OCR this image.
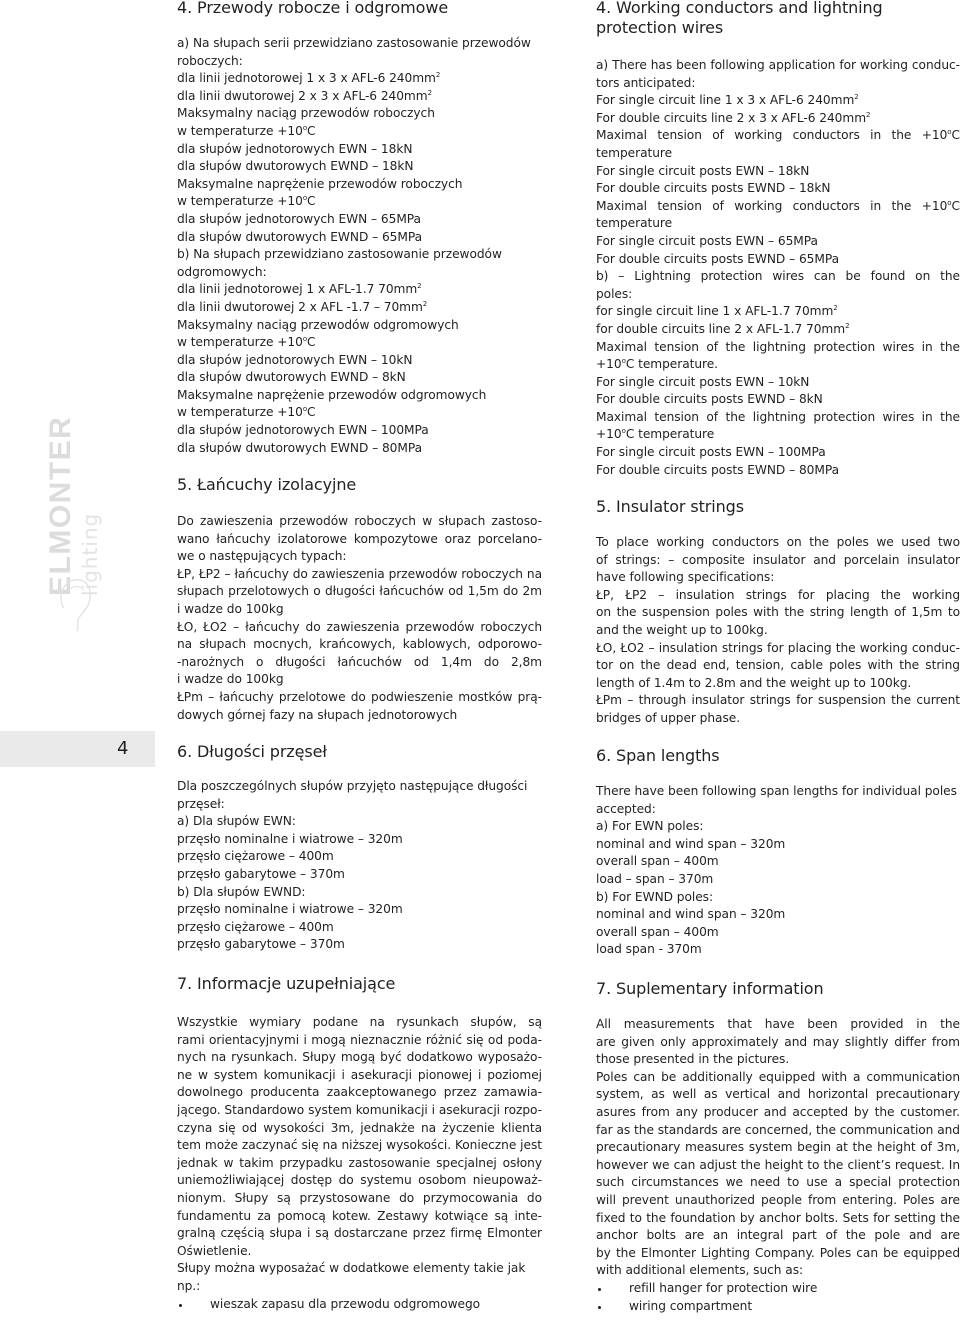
ELMONTER lighting
4
4. Przewody robocze i odgromowe
a) Na słupach serii przewidziano zastosowanie przewodów
roboczych:
dla linii jednotorowej 1 x 3 x AFL-6 $240mm^2$
dla linii dwutorowej 2 x 3 x AFL-6 $240mm^2$
Maksymalny naciąg przewodów roboczych
w temperaturze $+10^oC$
dla słupów jednotorowych EWN – 18kN
dla słupów dwutorowych EWND – 18kN
Maksymalne naprężenie przewodów roboczych
w temperaturze $+10^oC$
dla słupów jednotorowych EWN – 65MPa
dla słupów dwutorowych EWND – 65MPa
b) Na słupach przewidziano zastosowanie przewodów
odgromowych:
dla linii jednotorowej 1 x AFL-1.7 $70mm^2$
dla linii dwutorowej 2 x AFL $-1.7 - 70mm^2$
Maksymalny naciąg przewodów odgromowych
w temperaturze $+10^oC$
dla słupów jednotorowych EWN – 10kN
dla słupów dwutorowych EWND – 8kN
Maksymalne naprężenie przewodów odgromowych
w temperaturze $+10^oC$
dla słupów jednotorowych EWN – 100MPa
dla słupów dwutorowych EWND – 80MPa
5. Łańcuchy izolacyjne
Do zawieszenia przewodów roboczych w słupach zastoso-
wano łańcuchy izolatorowe kompozytowe oraz porcelano-
we o następujących typach:
ŁP, ŁP2 – łańcuchy do zawieszenia przewodów roboczych na
słupach przelotowych o długości łańcuchów od 1,5m do 2m
i wadze do 100kg
ŁO, ŁO2 – łańcuchy do zawieszenia przewodów roboczych
na słupach mocnych, krańcowych, kablowych, odporowo-
-narożnych o długości łańcuchów od 1,4m do 2,8m
i wadze do 100kg
ŁPm – łańcuchy przelotowe do podwieszenie mostków prą-
dowych górnej fazy na słupach jednotorowych
6. Długości przęseł
Dla poszczególnych słupów przyjęto następujące długości
przęseł:
a) Dla słupów EWN:
przęsło nominalne i wiatrowe – 320m
przęsło ciężarowe – 400m
przęsło gabarytowe – 370m
b) Dla słupów EWND:
przęsło nominalne i wiatrowe – 320m
przęsło ciężarowe – 400m
przęsło gabarytowe – 370m
7. Informacje uzupełniające
Wszystkie wymiary podane na rysunkach słupów, są
rami orientacyjnymi i mogą nieznacznie różnić się od poda-
nych na rysunkach. Słupy mogą być dodatkowo wyposażo-
ne w system komunikacji i asekuracji pionowej i poziomej
dowolnego producenta zaakceptowanego przez zamawia-
jącego. Standardowo system komunikacji i asekuracji rozpo-
czyna się od wysokości 3m, jednakże na życzenie klienta
tem może zaczynać się na niższej wysokości. Konieczne jest
jednak w takim przypadku zastosowanie specjalnej osłony
uniemożliwiającej dostęp do systemu osobom nieupoważ-
nionym. Słupy są przystosowane do przymocowania do
fundamentu za pomocą kotew. Zestawy kotwiące są inte-
gralną częścią słupa i są dostarczane przez firmę Elmonter
Oświetlenie.
Słupy można wyposażać w dodatkowe elementy takie jak
np.:
wieszak zapasu dla przewodu odgromowego
4. Working conductors and lightning protection wires
a) There has been following application for working conduc-
tors anticipated:
For single circuit line 1 x 3 x AFL-6 $240mm^2$
For double circuits line 2 x 3 x AFL-6 $240mm^2$
Maximal tension of working conductors in the $+10^oC$
temperature
For single circuit posts EWN – 18kN
For double circuits posts EWND – 18kN
Maximal tension of working conductors in the $+10^oC$
temperature
For single circuit posts EWN – 65MPa
For double circuits posts EWND – 65MPa
b) – Lightning protection wires can be found on the
poles:
for single circuit line 1 x AFL-1.7 $70mm^2$
for double circuits line 2 x AFL-1.7 $70mm^2$
Maximal tension of the lightning protection wires in the
$+10^oC$ temperature.
For single circuit posts EWN – 10kN
For double circuits posts EWND – 8kN
Maximal tension of the lightning protection wires in the
$+10^oC$ temperature
For single circuit posts EWN – 100MPa
For double circuits posts EWND – 80MPa
5. Insulator strings
To place working conductors on the poles we used two
of strings: – composite insulator and porcelain insulator
have following specifications:
ŁP, ŁP2 – insulation strings for placing the working
on the suspension poles with the string length of 1,5m to
and the weight up to 100kg.
ŁO, ŁO2 – insulation strings for placing the working conduc-
tor on the dead end, tension, cable poles with the string
length of 1.4m to 2.8m and the weight up to 100kg.
ŁPm – through insulator strings for suspension the current
bridges of upper phase.
6. Span lengths
There have been following span lengths for individual poles
accepted:
a) For EWN poles:
nominal and wind span – 320m
overall span – 400m
load – span – 370m
b) For EWND poles:
nominal and wind span – 320m
overall span – 400m
load span - 370m
7. Suplementary information
All measurements that have been provided in the
are given only approximately and may slightly differ from
those presented in the pictures.
Poles can be additionally equipped with a communication
system, as well as vertical and horizontal precautionary
asures from any producer and accepted by the customer.
far as the standards are concerned, the communication and
precautionary measures system begin at the height of 3m,
however we can adjust the height to the client’s request. In
such circumstances we need to use a special protection
will prevent unauthorized people from entering. Poles are
fixed to the foundation by anchor bolts. Sets for setting the
anchor bolts are an integral part of the pole and are
by the Elmonter Lighting Company. Poles can be equipped
with additional elements, such as:
refill hanger for protection wire
wiring compartment
